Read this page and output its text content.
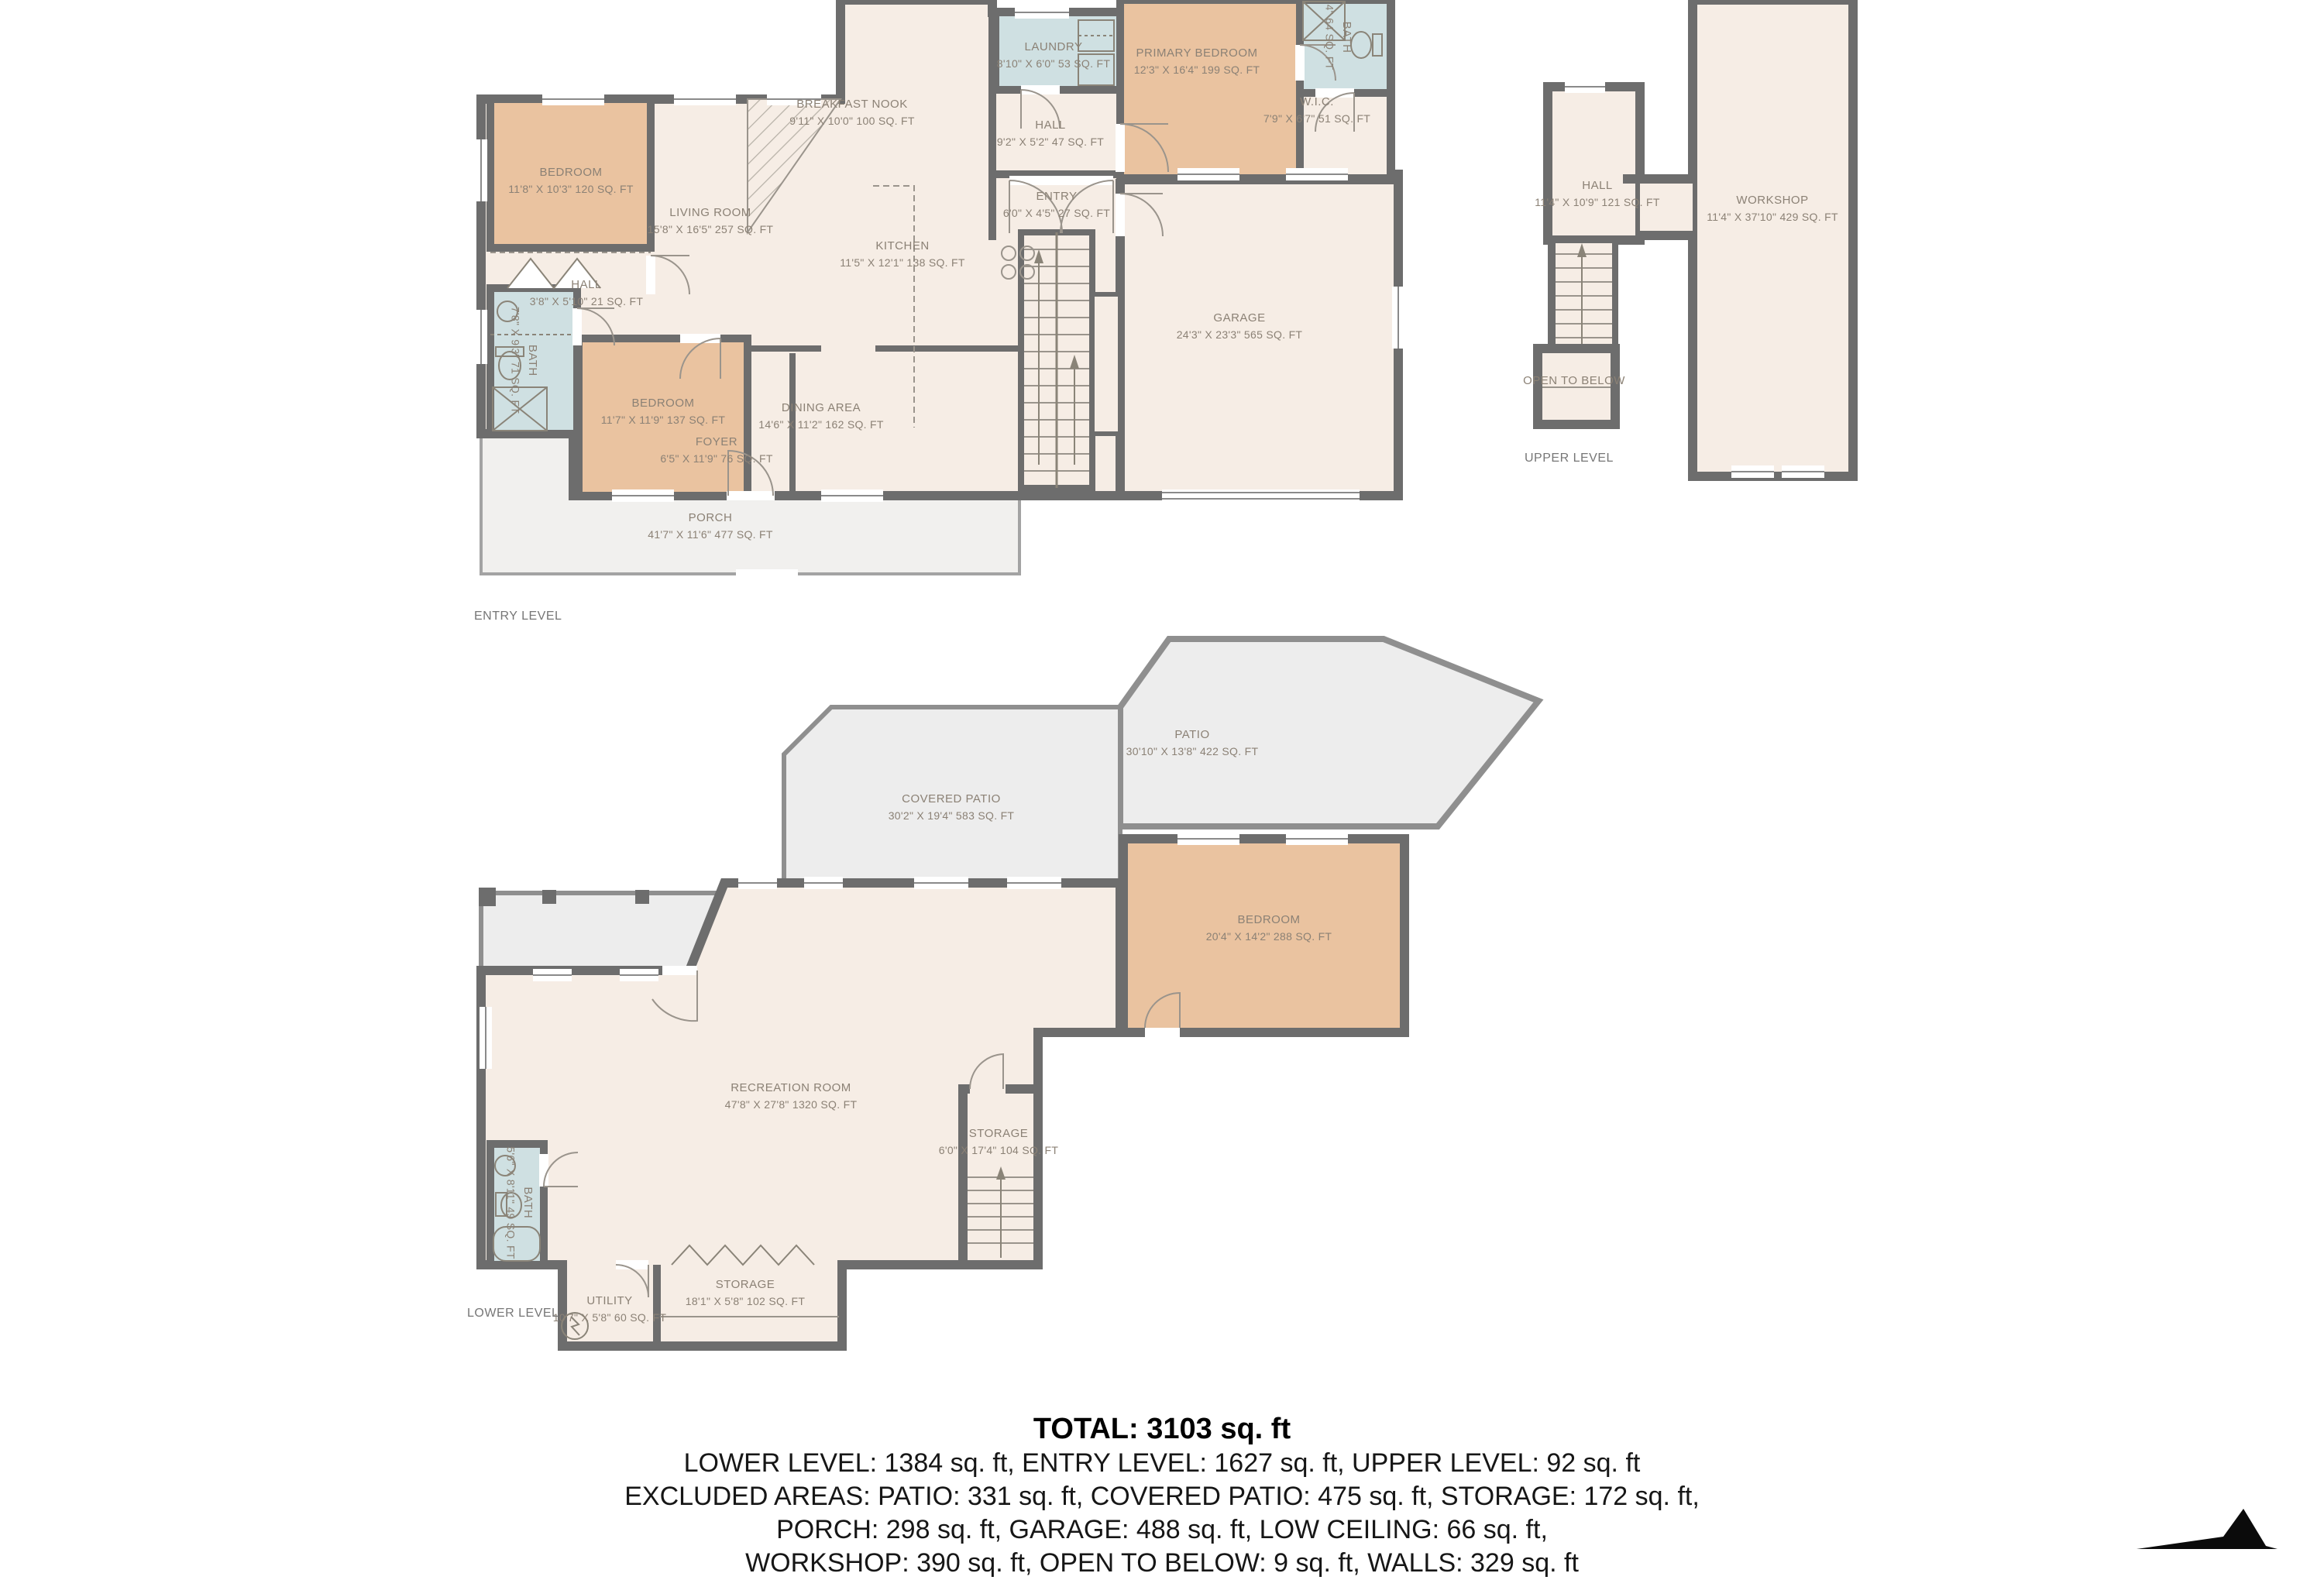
BEDROOM
11'8" X 10'3" 120 SQ. FT
LIVING ROOM
15'8" X 16'5" 257 SQ. FT
BREAKFAST NOOK
9'11" X 10'0" 100 SQ. FT
KITCHEN
11'5" X 12'1" 138 SQ. FT
LAUNDRY
8'10" X 6'0" 53 SQ. FT
HALL
9'2" X 5'2" 47 SQ. FT
PRIMARY BEDROOM
12'3" X 16'4" 199 SQ. FT
BATH
4" 64 SQ. FT
W.I.C.
7'9" X 6'7" 51 SQ. FT
ENTRY
6'0" X 4'5" 27 SQ. FT
GARAGE
24'3" X 23'3" 565 SQ. FT
HALL
3'8" X 5'10" 21 SQ. FT
BATH
7'8" X 9'3" 71 SQ. FT	BEDROOM
11'7" X 11'9" 137 SQ. FT
DINING AREA
14'6" X 11'2" 162 SQ. FT
FOYER
6'5" X 11'9" 76 SQ. FT
PORCH
41'7" X 11'6" 477 SQ. FT
ENTRY LEVEL
HALL
11'4" X 10'9" 121 SQ. FT	WORKSHOP
11'4" X 37'10" 429 SQ. FT
OPEN TO BELOW
UPPER LEVEL
PATIO
30'10" X 13'8" 422 SQ. FT
COVERED PATIO
30'2" X 19'4" 583 SQ. FT
BEDROOM
20'4" X 14'2" 288 SQ. FT
RECREATION ROOM
47'8" X 27'8" 1320 SQ. FT
STORAGE
6'0" X 17'4" 104 SQ. FT
BATH
5'6" X 8'11" 49 SQ. FT
UTILITY
10'7" X 5'8" 60 SQ. FT
STORAGE
18'1" X 5'8" 102 SQ. FT
LOWER LEVEL
TOTAL: 3103 sq. ft
LOWER LEVEL: 1384 sq. ft, ENTRY LEVEL: 1627 sq. ft, UPPER LEVEL: 92 sq. ft
EXCLUDED AREAS: PATIO: 331 sq. ft, COVERED PATIO: 475 sq. ft, STORAGE: 172 sq. ft,
PORCH: 298 sq. ft, GARAGE: 488 sq. ft, LOW CEILING: 66 sq. ft,
WORKSHOP: 390 sq. ft, OPEN TO BELOW: 9 sq. ft, WALLS: 329 sq. ft
